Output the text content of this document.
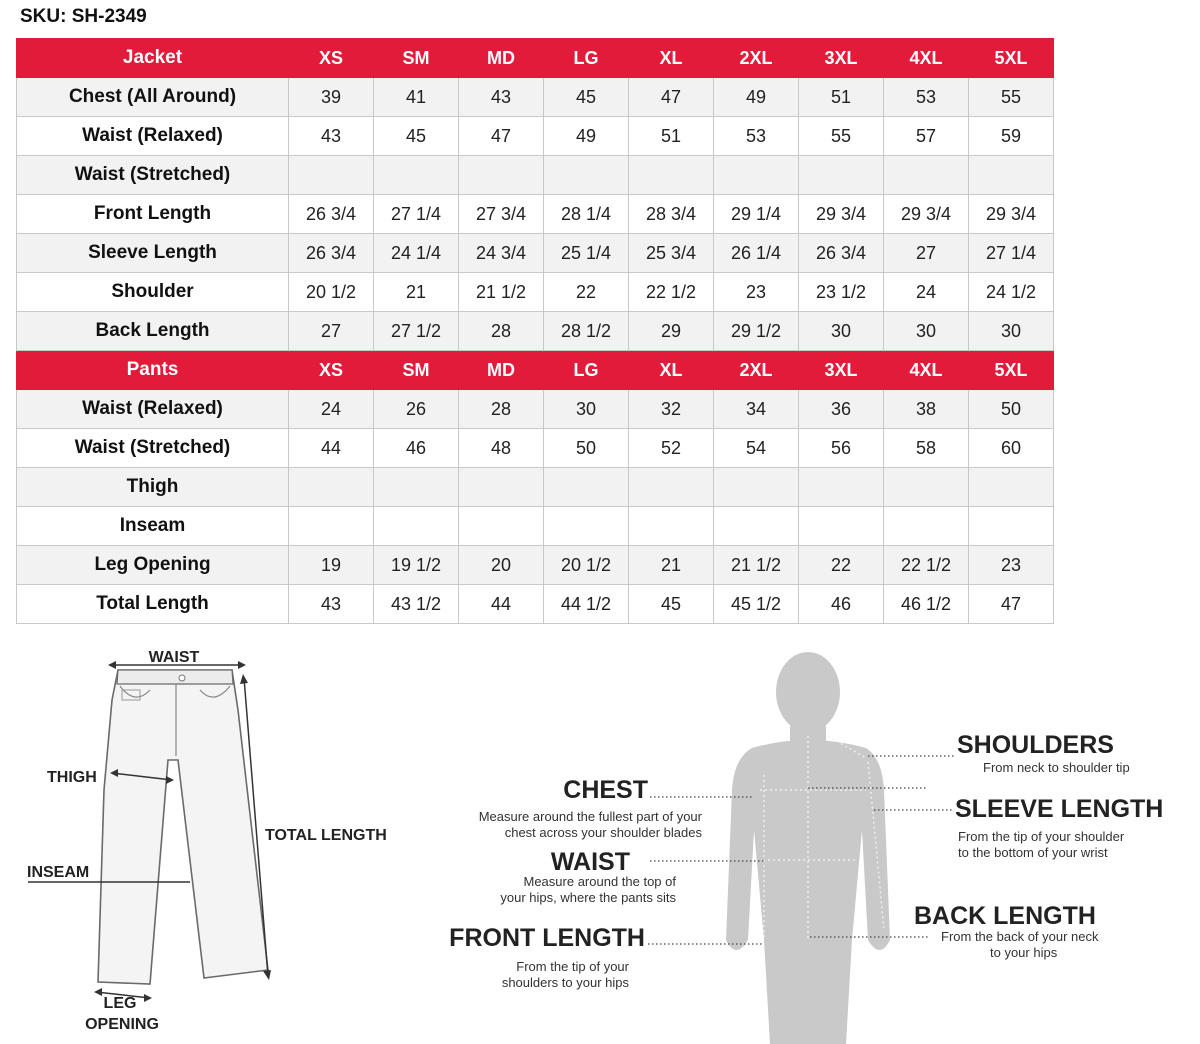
SKU: SH-2349
Jacket	XS	SM	MD	LG	XL	2XL	3XL	4XL	5XL
Chest (All Around)	39	41	43	45	47	49	51	53	55
Waist (Relaxed)	43	45	47	49	51	53	55	57	59
Waist (Stretched)									
Front Length	26 3/4	27 1/4	27 3/4	28 1/4	28 3/4	29 1/4	29 3/4	29 3/4	29 3/4
Sleeve Length	26 3/4	24 1/4	24 3/4	25 1/4	25 3/4	26 1/4	26 3/4	27	27 1/4
Shoulder	20 1/2	21	21 1/2	22	22 1/2	23	23 1/2	24	24 1/2
Back Length	27	27 1/2	28	28 1/2	29	29 1/2	30	30	30
Pants	XS	SM	MD	LG	XL	2XL	3XL	4XL	5XL
Waist (Relaxed)	24	26	28	30	32	34	36	38	50
Waist (Stretched)	44	46	48	50	52	54	56	58	60
Thigh									
Inseam									
Leg Opening	19	19 1/2	20	20 1/2	21	21 1/2	22	22 1/2	23
Total Length	43	43 1/2	44	44 1/2	45	45 1/2	46	46 1/2	47
WAIST
TOTAL LENGTH
THIGH
INSEAM
LEG
OPENING
SHOULDERS
From neck to shoulder tip
CHEST
Measure around the fullest part of your
chest across your shoulder blades
SLEEVE LENGTH
From the tip of your shoulder
to the bottom of your wrist
WAIST
Measure around the top of
your hips, where the pants sits
BACK LENGTH
From the back of your neck
to your hips
FRONT LENGTH
From the tip of your
shoulders to your hips
